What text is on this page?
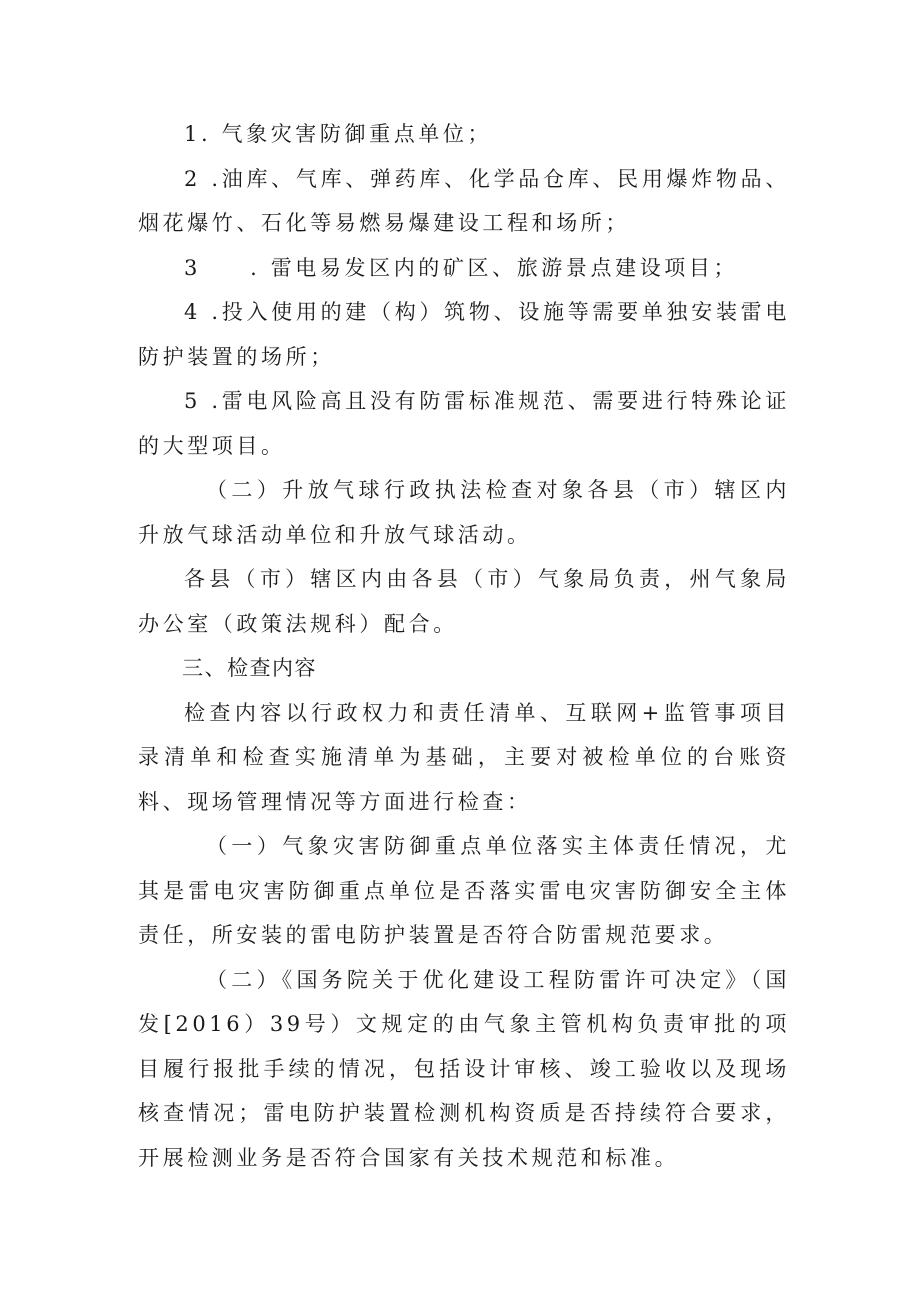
1. 气象灾害防御重点单位；

2 .油库、气库、弹药库、化学品仓库、民用爆炸物品、烟花爆竹、石化等易燃易爆建设工程和场所；

3　　. 雷电易发区内的矿区、旅游景点建设项目；

4 .投入使用的建（构）筑物、设施等需要单独安装雷电防护装置的场所；

5 .雷电风险高且没有防雷标准规范、需要进行特殊论证的大型项目。

（二）升放气球行政执法检查对象各县（市）辖区内升放气球活动单位和升放气球活动。

各县（市）辖区内由各县（市）气象局负责，州气象局办公室（政策法规科）配合。

三、检查内容

检查内容以行政权力和责任清单、互联网+监管事项目录清单和检查实施清单为基础，主要对被检单位的台账资料、现场管理情况等方面进行检查：

（一）气象灾害防御重点单位落实主体责任情况，尤其是雷电灾害防御重点单位是否落实雷电灾害防御安全主体责任，所安装的雷电防护装置是否符合防雷规范要求。

（二）《国务院关于优化建设工程防雷许可决定》（国发[2016）39号）文规定的由气象主管机构负责审批的项目履行报批手续的情况，包括设计审核、竣工验收以及现场核查情况；雷电防护装置检测机构资质是否持续符合要求，开展检测业务是否符合国家有关技术规范和标准。
